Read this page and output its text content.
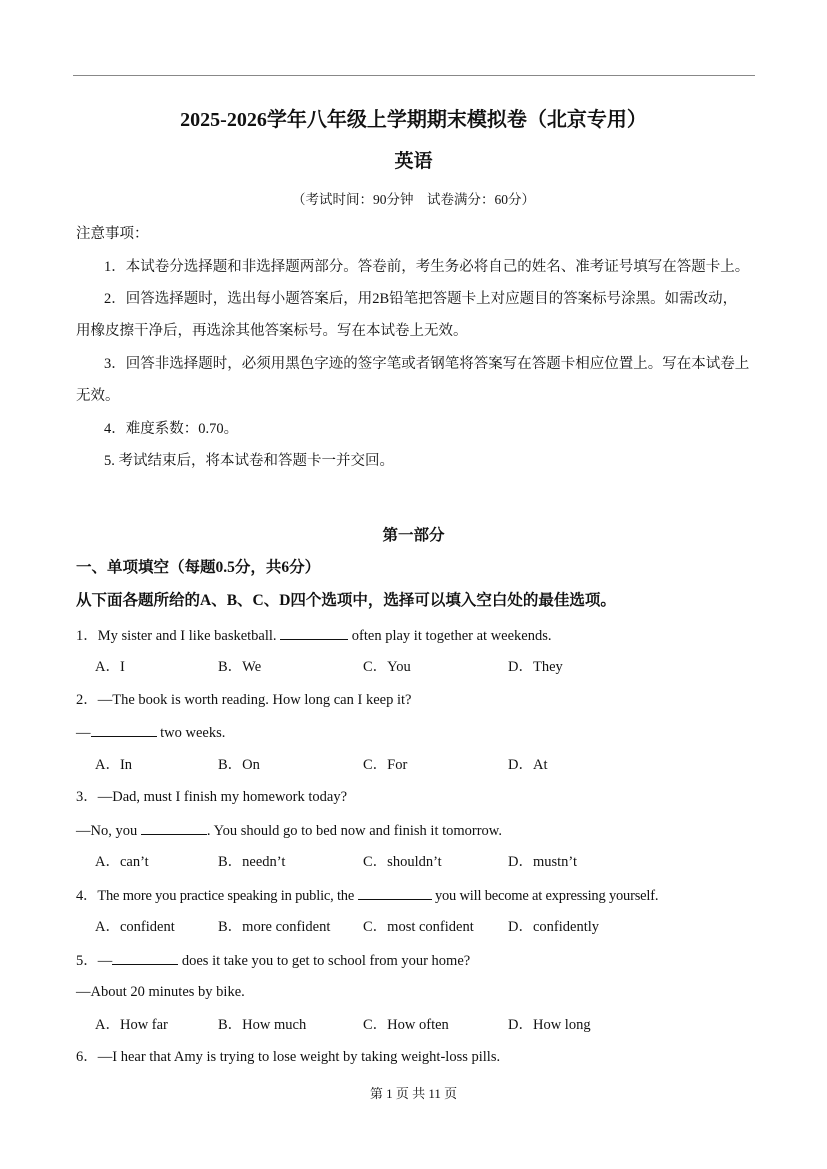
2025-2026学年八年级上学期期末模拟卷（北京专用）
英语
（考试时间：90分钟　试卷满分：60分）
注意事项：
1．本试卷分选择题和非选择题两部分。答卷前，考生务必将自己的姓名、准考证号填写在答题卡上。
2．回答选择题时，选出每小题答案后，用2B铅笔把答题卡上对应题目的答案标号涂黑。如需改动，
用橡皮擦干净后，再选涂其他答案标号。写在本试卷上无效。
3．回答非选择题时，必须用黑色字迹的签字笔或者钢笔将答案写在答题卡相应位置上。写在本试卷上
无效。
4．难度系数：0.70。
5. 考试结束后，将本试卷和答题卡一并交回。
第一部分
一、单项填空（每题0.5分，共6分）
从下面各题所给的A、B、C、D四个选项中，选择可以填入空白处的最佳选项。
1．My sister and I like basketball.	often play it together at weekends.
A．I	B．We	C．You	D．They
2．—The book is worth reading. How long can I keep it?
—	two weeks.
A．In	B．On	C．For	D．At
3．—Dad, must I finish my homework today?
—No, you	. You should go to bed now and finish it tomorrow.
A．can’t	B．needn’t	C．shouldn’t	D．mustn’t
4．The more you practice speaking in public, the	you will become at expressing yourself.
A．confident	B．more confident C．most confident D．confidently
5．—	does it take you to get to school from your home?
—About 20 minutes by bike.
A．How far	B．How much	C．How often	D．How long
6．—I hear that Amy is trying to lose weight by taking weight-loss pills.
第 1 页 共 11 页
